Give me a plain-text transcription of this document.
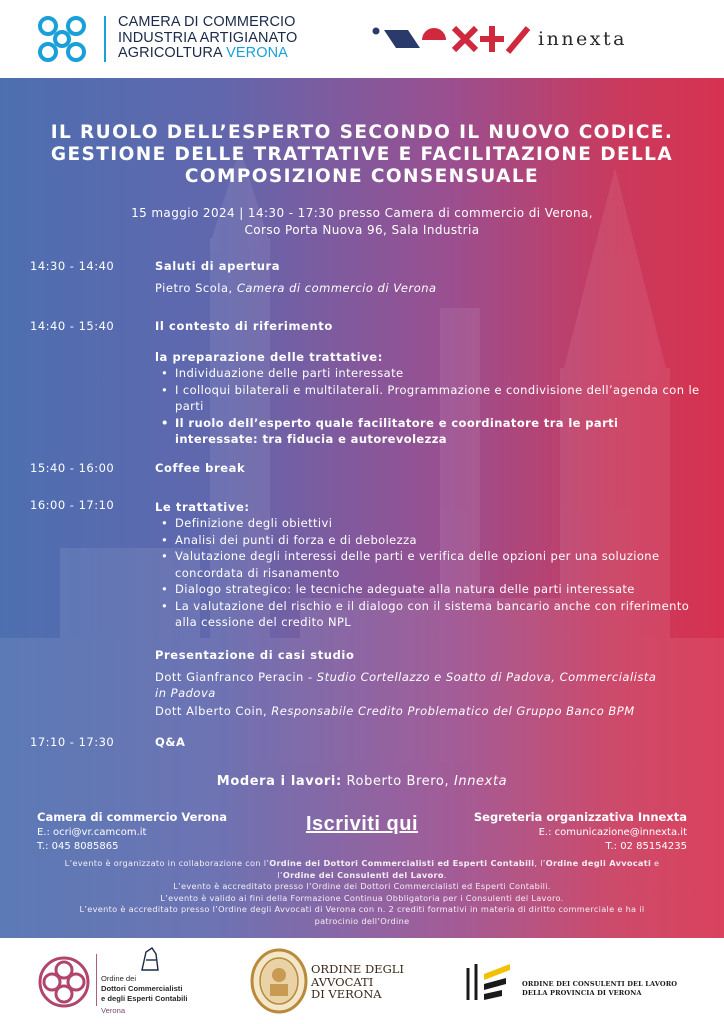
CAMERA DI COMMERCIO
INDUSTRIA ARTIGIANATO
AGRICOLTURA VERONA
innexta
IL RUOLO DELL’ESPERTO SECONDO IL NUOVO CODICE.
GESTIONE DELLE TRATTATIVE E FACILITAZIONE DELLA
COMPOSIZIONE CONSENSUALE
15 maggio 2024 | 14:30 - 17:30 presso Camera di commercio di Verona,
Corso Porta Nuova 96, Sala Industria
14:30 - 14:40	Saluti di apertura
Pietro Scola, Camera di commercio di Verona
14:40 - 15:40	Il contesto di riferimento
la preparazione delle trattative:
• Individuazione delle parti interessate
• I colloqui bilaterali e multilaterali. Programmazione e condivisione dell’agenda con le parti
• Il ruolo dell’esperto quale facilitatore e coordinatore tra le parti interessate: tra fiducia e autorevolezza
15:40 - 16:00	Coffee break
16:00 - 17:10	Le trattative:
• Definizione degli obiettivi
• Analisi dei punti di forza e di debolezza
• Valutazione degli interessi delle parti e verifica delle opzioni per una soluzione concordata di risanamento
• Dialogo strategico: le tecniche adeguate alla natura delle parti interessate
• La valutazione del rischio e il dialogo con il sistema bancario anche con riferimento alla cessione del credito NPL
Presentazione di casi studio
Dott Gianfranco Peracin - Studio Cortellazzo e Soatto di Padova, Commercialista
in Padova
Dott Alberto Coin, Responsabile Credito Problematico del Gruppo Banco BPM
17:10 - 17:30	Q&A
Modera i lavori: Roberto Brero, Innexta
Camera di commercio Verona
E.: ocri@vr.camcom.it
T.: 045 8085865
Iscriviti qui	Segreteria organizzativa Innexta
E.: comunicazione@innexta.it
T.: 02 85154235
L’evento è organizzato in collaborazione con l’Ordine dei Dottori Commercialisti ed Esperti Contabili, l’Ordine degli Avvocati e
l’Ordine dei Consulenti del Lavoro.
L’evento è accreditato presso l’Ordine dei Dottori Commercialisti ed Esperti Contabili.
L’evento è valido ai fini della Formazione Continua Obbligatoria per i Consulenti del Lavoro.
L’evento è accreditato presso l’Ordine degli Avvocati di Verona con n. 2 crediti formativi in materia di diritto commerciale e ha il
patrocinio dell’Ordine
Ordine dei
Dottori Commercialisti
e degli Esperti Contabili
Verona
ORDINE DEGLI
AVVOCATI
DI VERONA
ORDINE DEI CONSULENTI DEL LAVORO
DELLA PROVINCIA DI VERONA
